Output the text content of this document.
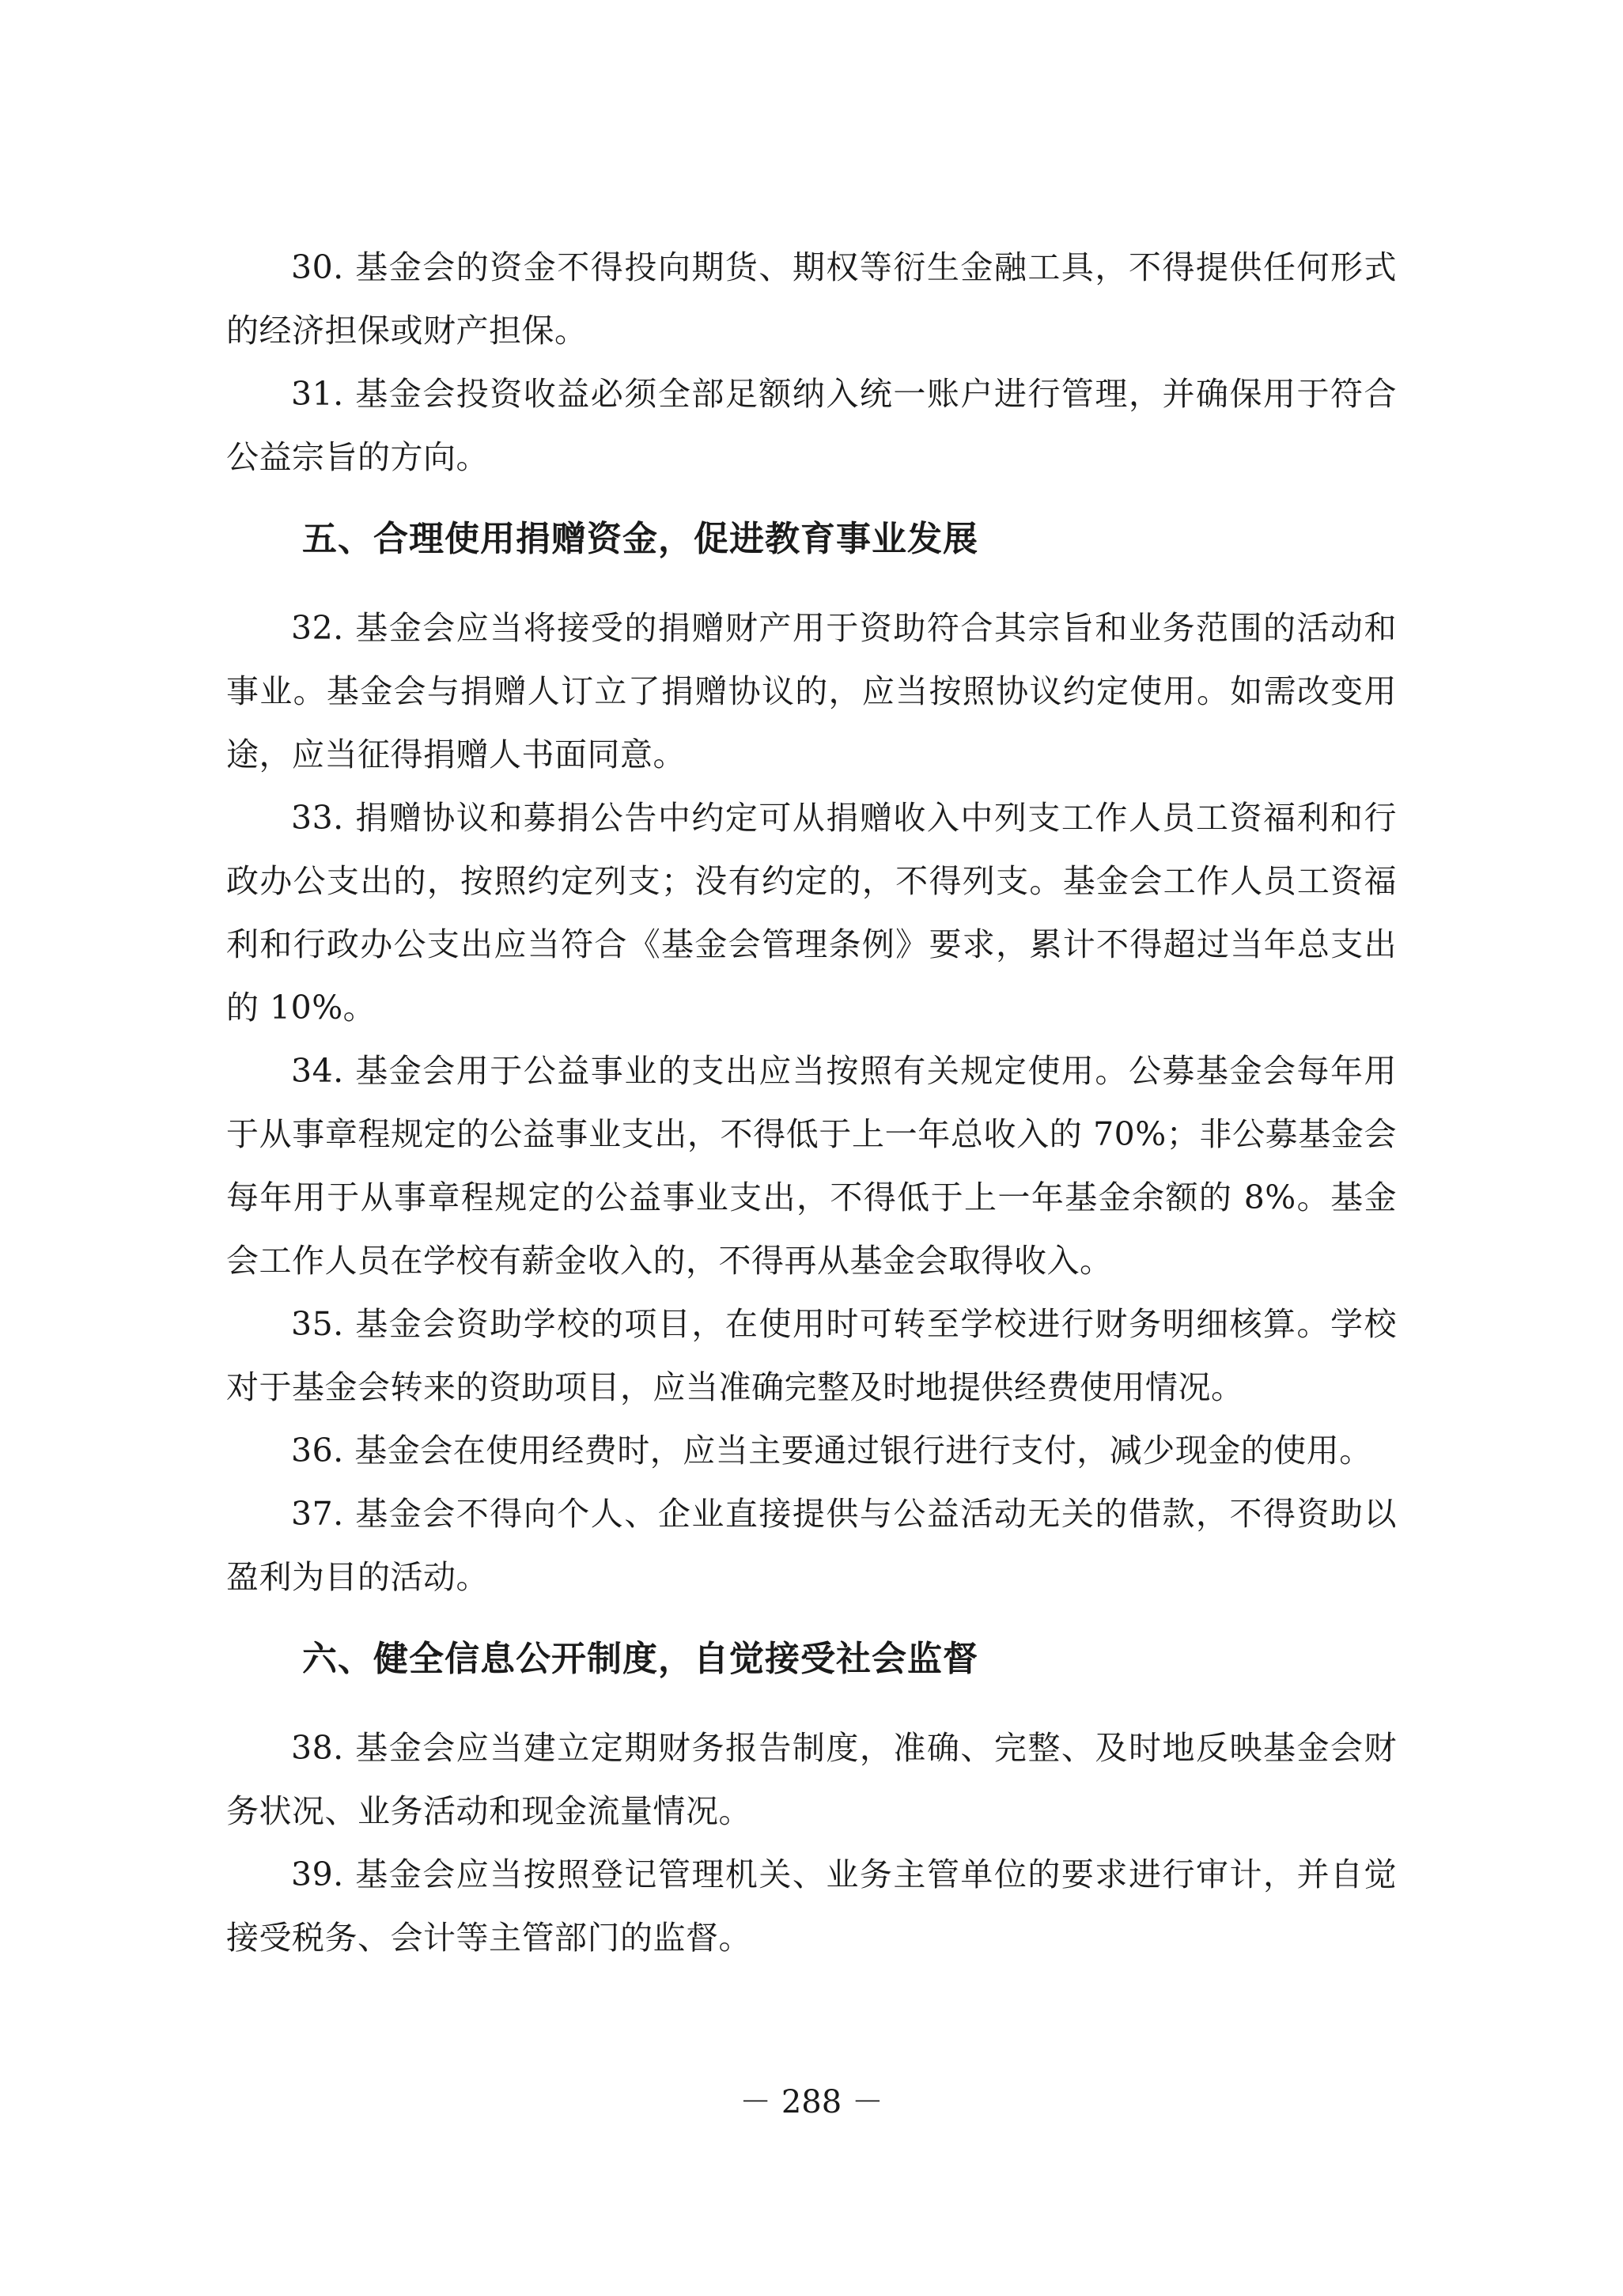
30. 基金会的资金不得投向期货、期权等衍生金融工具，不得提供任何形式的经济担保或财产担保。

31. 基金会投资收益必须全部足额纳入统一账户进行管理，并确保用于符合公益宗旨的方向。

五、合理使用捐赠资金，促进教育事业发展

32. 基金会应当将接受的捐赠财产用于资助符合其宗旨和业务范围的活动和事业。基金会与捐赠人订立了捐赠协议的，应当按照协议约定使用。如需改变用途，应当征得捐赠人书面同意。

33. 捐赠协议和募捐公告中约定可从捐赠收入中列支工作人员工资福利和行政办公支出的，按照约定列支；没有约定的，不得列支。基金会工作人员工资福利和行政办公支出应当符合《基金会管理条例》要求，累计不得超过当年总支出的 10%。

34. 基金会用于公益事业的支出应当按照有关规定使用。公募基金会每年用于从事章程规定的公益事业支出，不得低于上一年总收入的 70%；非公募基金会每年用于从事章程规定的公益事业支出，不得低于上一年基金余额的 8%。基金会工作人员在学校有薪金收入的，不得再从基金会取得收入。

35. 基金会资助学校的项目，在使用时可转至学校进行财务明细核算。学校对于基金会转来的资助项目，应当准确完整及时地提供经费使用情况。

36. 基金会在使用经费时，应当主要通过银行进行支付，减少现金的使用。

37. 基金会不得向个人、企业直接提供与公益活动无关的借款，不得资助以盈利为目的活动。

六、健全信息公开制度，自觉接受社会监督

38. 基金会应当建立定期财务报告制度，准确、完整、及时地反映基金会财务状况、业务活动和现金流量情况。

39. 基金会应当按照登记管理机关、业务主管单位的要求进行审计，并自觉接受税务、会计等主管部门的监督。

－ 288 －
